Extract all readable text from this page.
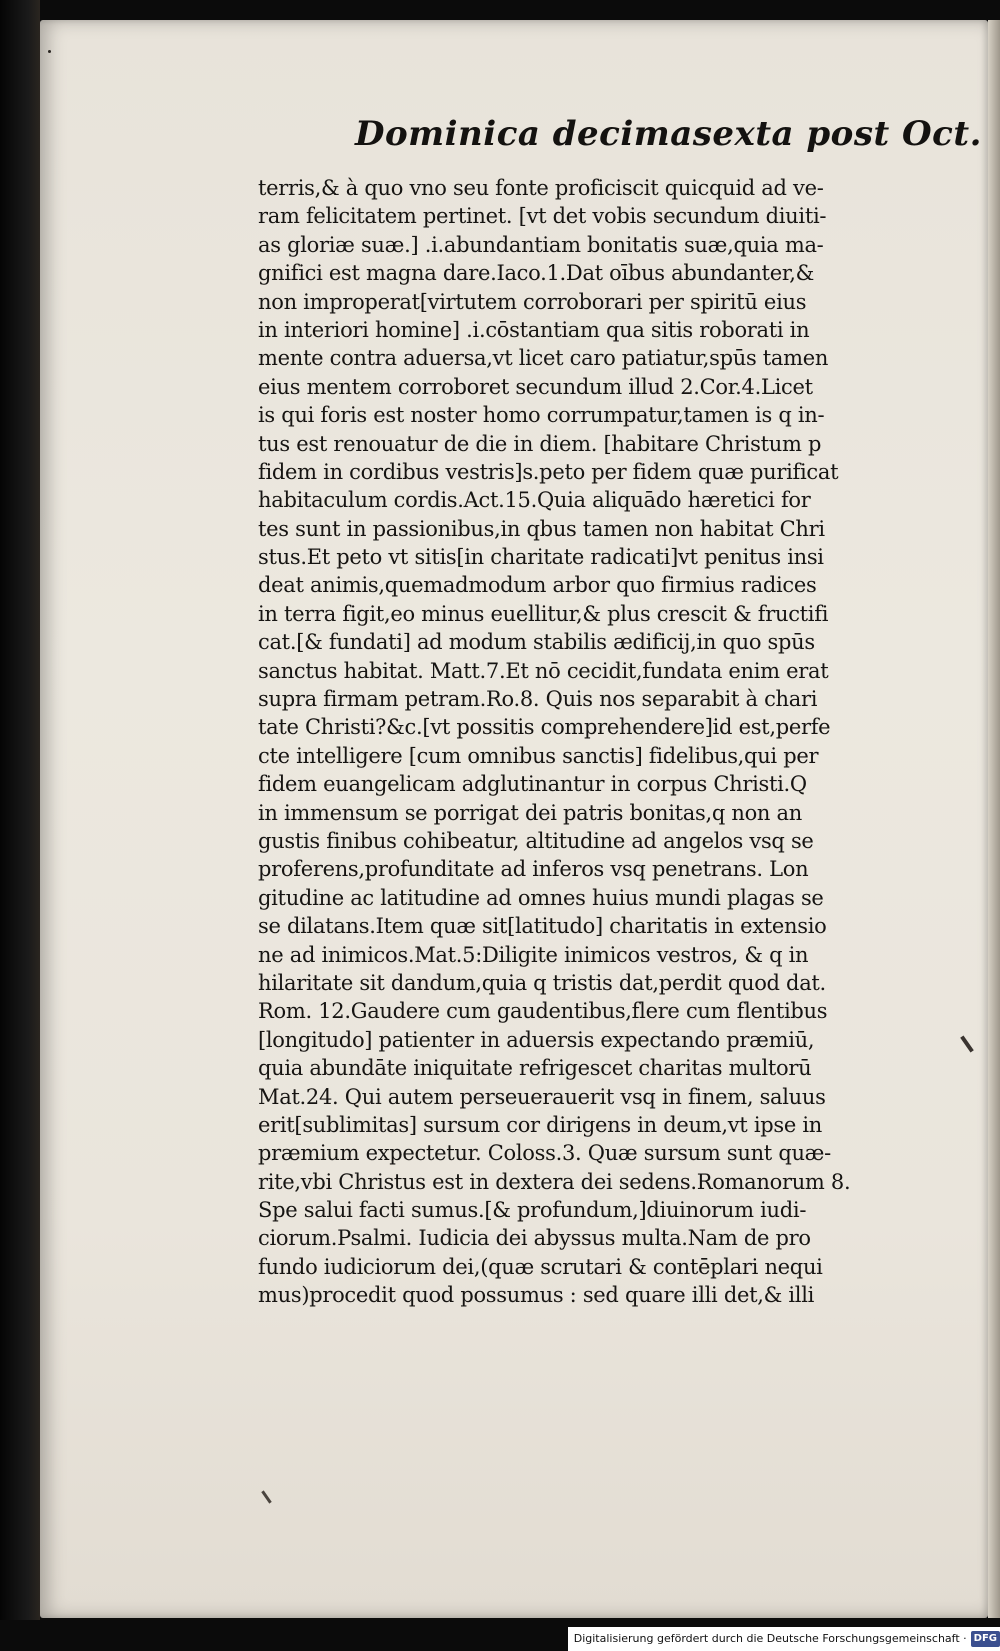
Dominica decimasexta post Oct.
terris,& à quo vno seu fonte proficiscit quicquid ad ve-
ram felicitatem pertinet. [vt det vobis secundum diuiti-
as gloriæ suæ.] .i.abundantiam bonitatis suæ,quia ma-
gnifici est magna dare.Iaco.1.Dat oībus abundanter,&
non improperat[virtutem corroborari per spiritū eius
in interiori homine] .i.cōstantiam qua sitis roborati in
mente contra aduersa,vt licet caro patiatur,spūs tamen
eius mentem corroboret secundum illud 2.Cor.4.Licet
is qui foris est noster homo corrumpatur,tamen is q in-
tus est renouatur de die in diem. [habitare Christum p
fidem in cordibus vestris]s.peto per fidem quæ purificat
habitaculum cordis.Act.15.Quia aliquādo hæretici for
tes sunt in passionibus,in qbus tamen non habitat Chri
stus.Et peto vt sitis[in charitate radicati]vt penitus insi
deat animis,quemadmodum arbor quo firmius radices
in terra figit,eo minus euellitur,& plus crescit & fructifi
cat.[& fundati] ad modum stabilis ædificij,in quo spūs
sanctus habitat. Matt.7.Et nō cecidit,fundata enim erat
supra firmam petram.Ro.8. Quis nos separabit à chari
tate Christi?&c.[vt possitis comprehendere]id est,perfe
cte intelligere [cum omnibus sanctis] fidelibus,qui per
fidem euangelicam adglutinantur in corpus Christi.Q
in immensum se porrigat dei patris bonitas,q non an
gustis finibus cohibeatur, altitudine ad angelos vsq se
proferens,profunditate ad inferos vsq penetrans. Lon
gitudine ac latitudine ad omnes huius mundi plagas se
se dilatans.Item quæ sit[latitudo] charitatis in extensio
ne ad inimicos.Mat.5:Diligite inimicos vestros, & q in
hilaritate sit dandum,quia q tristis dat,perdit quod dat.
Rom. 12.Gaudere cum gaudentibus,flere cum flentibus
[longitudo] patienter in aduersis expectando præmiū,
quia abundāte iniquitate refrigescet charitas multorū
Mat.24. Qui autem perseuerauerit vsq in finem, saluus
erit[sublimitas] sursum cor dirigens in deum,vt ipse in
præmium expectetur. Coloss.3. Quæ sursum sunt quæ-
rite,vbi Christus est in dextera dei sedens.Romanorum 8.
Spe salui facti sumus.[& profundum,]diuinorum iudi-
ciorum.Psalmi. Iudicia dei abyssus multa.Nam de pro
fundo iudiciorum dei,(quæ scrutari & contēplari nequi
mus)procedit quod possumus : sed quare illi det,& illi
Digitalisierung gefördert durch die Deutsche Forschungsgemeinschaft · DFG
